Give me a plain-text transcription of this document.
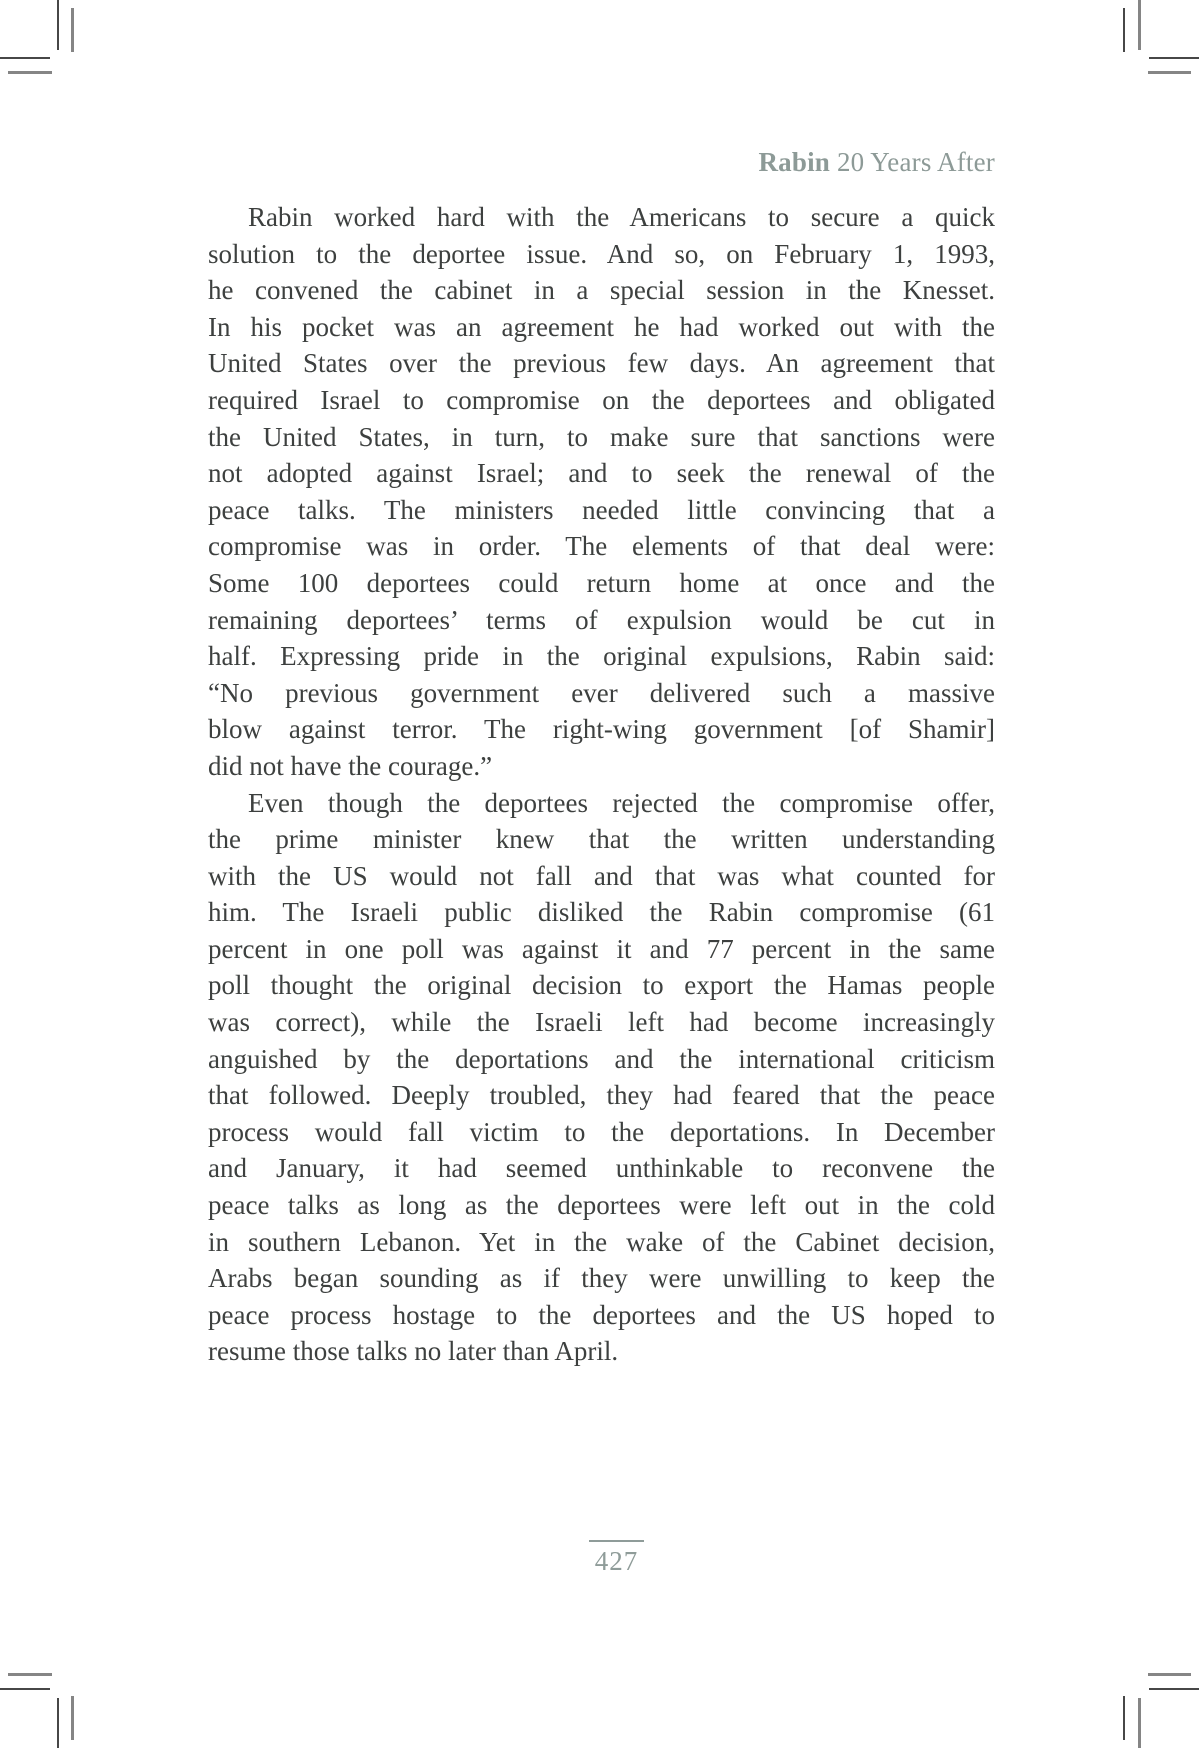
Rabin 20 Years After
Rabin worked hard with the Americans to secure a quick
solution to the deportee issue. And so, on February 1, 1993,
he convened the cabinet in a special session in the Knesset.
In his pocket was an agreement he had worked out with the
United States over the previous few days. An agreement that
required Israel to compromise on the deportees and obligated
the United States, in turn, to make sure that sanctions were
not adopted against Israel; and to seek the renewal of the
peace talks. The ministers needed little convincing that a
compromise was in order. The elements of that deal were:
Some 100 deportees could return home at once and the
remaining deportees’ terms of expulsion would be cut in
half. Expressing pride in the original expulsions, Rabin said:
“No previous government ever delivered such a massive
blow against terror. The right-wing government [of Shamir]
did not have the courage.”
Even though the deportees rejected the compromise offer,
the prime minister knew that the written understanding
with the US would not fall and that was what counted for
him. The Israeli public disliked the Rabin compromise (61
percent in one poll was against it and 77 percent in the same
poll thought the original decision to export the Hamas people
was correct), while the Israeli left had become increasingly
anguished by the deportations and the international criticism
that followed. Deeply troubled, they had feared that the peace
process would fall victim to the deportations. In December
and January, it had seemed unthinkable to reconvene the
peace talks as long as the deportees were left out in the cold
in southern Lebanon. Yet in the wake of the Cabinet decision,
Arabs began sounding as if they were unwilling to keep the
peace process hostage to the deportees and the US hoped to
resume those talks no later than April.
427
